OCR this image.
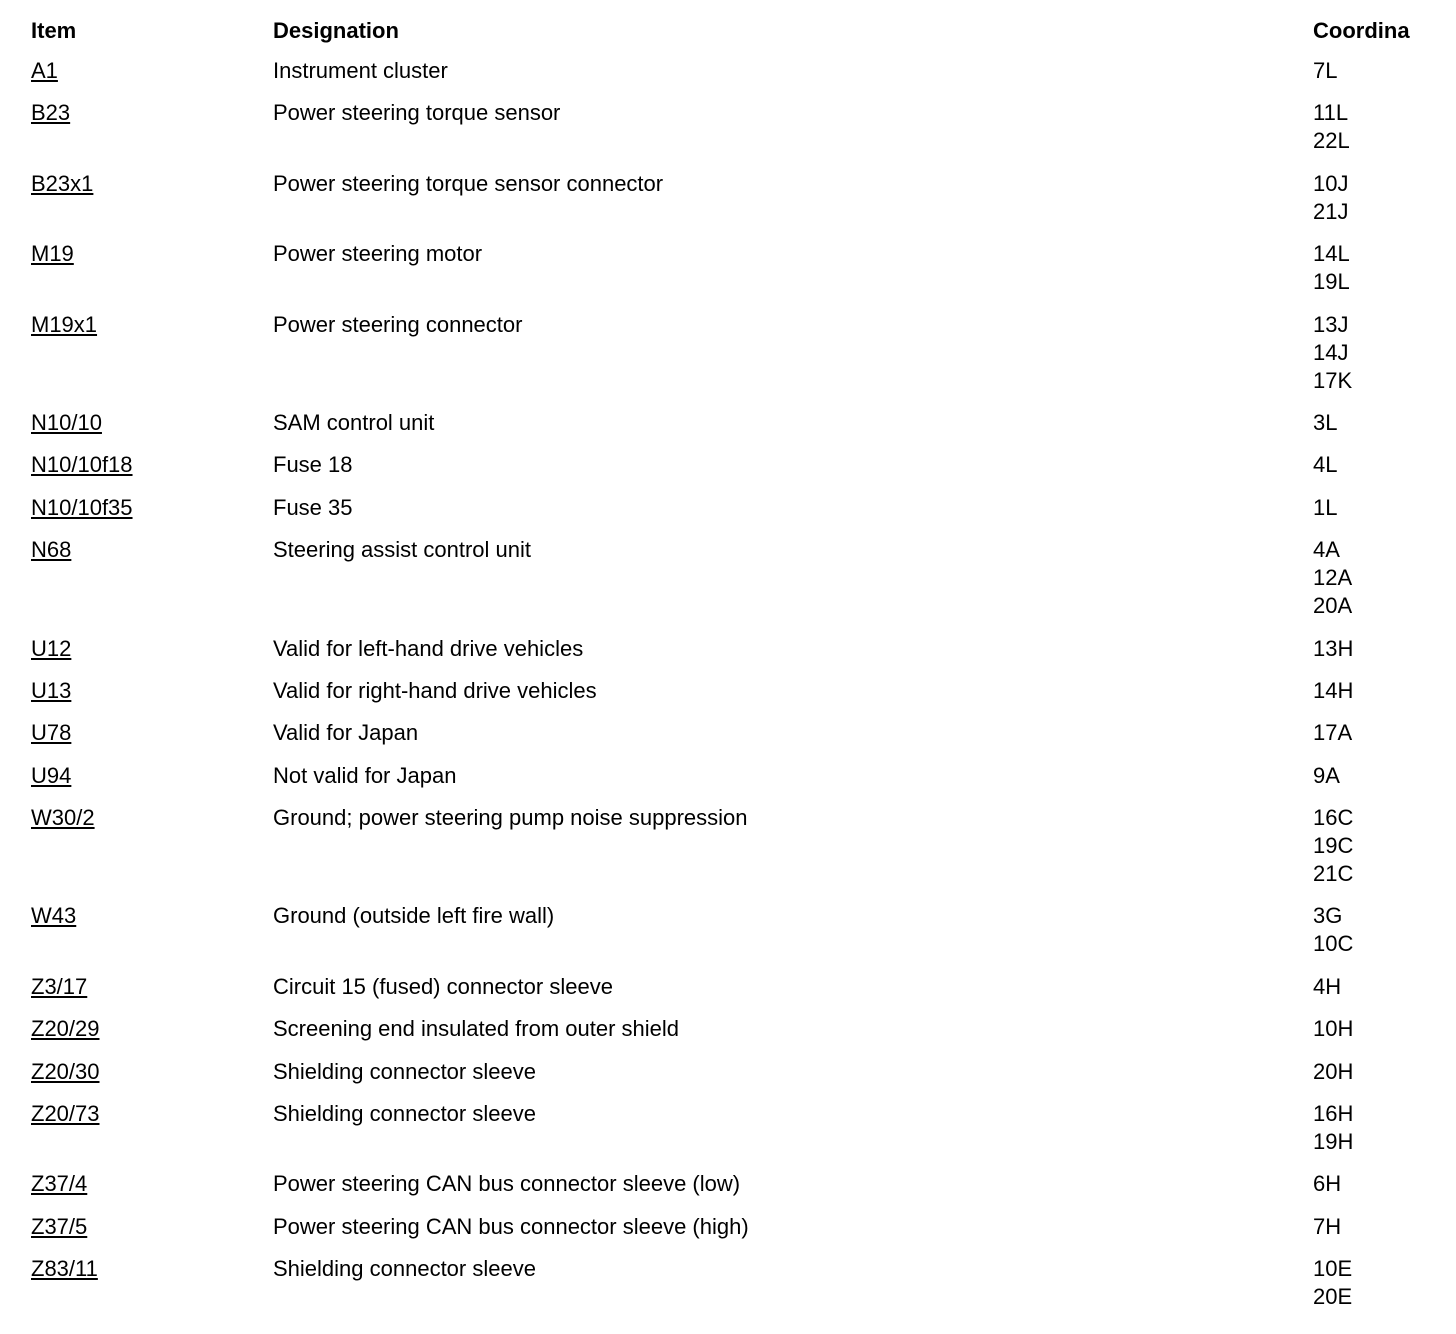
Item	Designation	Coordina
A1	Instrument cluster	7L
B23	Power steering torque sensor	11L
22L
B23x1	Power steering torque sensor connector	10J
21J
M19	Power steering motor	14L
19L
M19x1	Power steering connector	13J
14J
17K
N10/10	SAM control unit	3L
N10/10f18	Fuse 18	4L
N10/10f35	Fuse 35	1L
N68	Steering assist control unit	4A
12A
20A
U12	Valid for left-hand drive vehicles	13H
U13	Valid for right-hand drive vehicles	14H
U78	Valid for Japan	17A
U94	Not valid for Japan	9A
W30/2	Ground; power steering pump noise suppression	16C
19C
21C
W43	Ground (outside left fire wall)	3G
10C
Z3/17	Circuit 15 (fused) connector sleeve	4H
Z20/29	Screening end insulated from outer shield	10H
Z20/30	Shielding connector sleeve	20H
Z20/73	Shielding connector sleeve	16H
19H
Z37/4	Power steering CAN bus connector sleeve (low)	6H
Z37/5	Power steering CAN bus connector sleeve (high)	7H
Z83/11	Shielding connector sleeve	10E
20E
